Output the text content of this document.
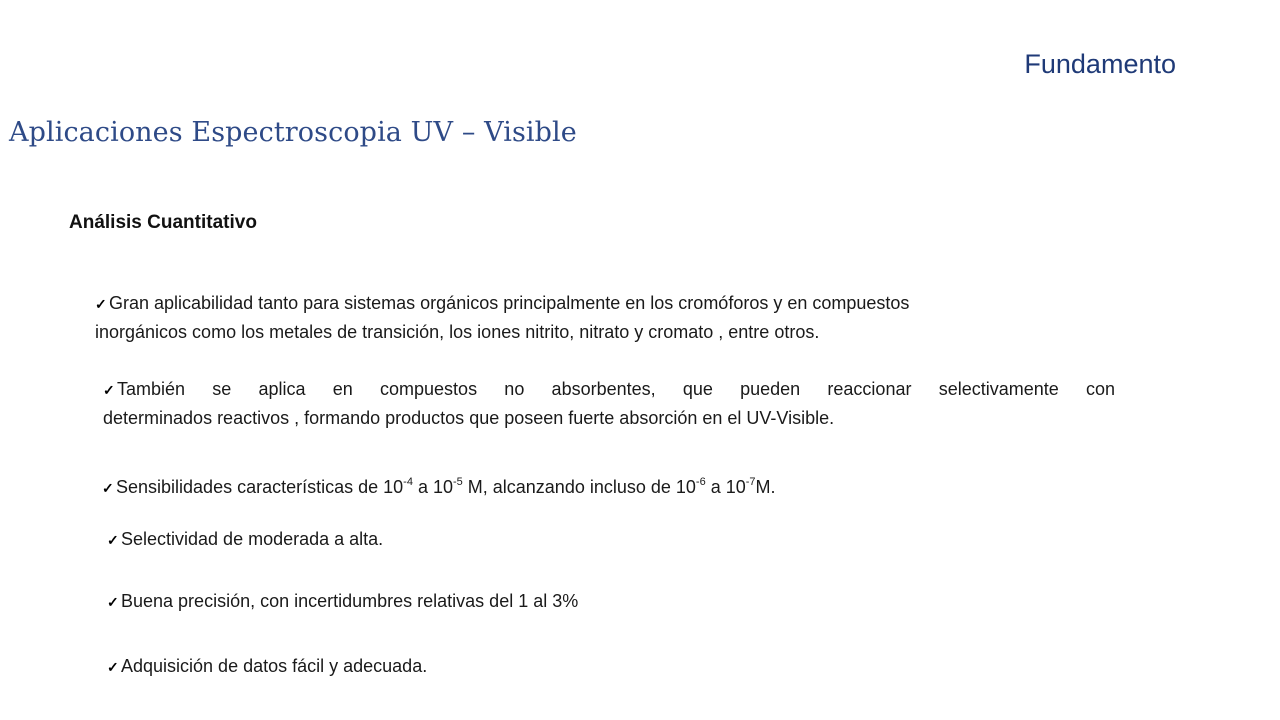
Fundamento
Aplicaciones Espectroscopia UV – Visible
Análisis Cuantitativo
✓ Gran aplicabilidad tanto para sistemas orgánicos principalmente en los cromóforos y en compuestos
inorgánicos como los metales de transición, los iones nitrito, nitrato y cromato , entre otros.
✓ También se aplica en compuestos no absorbentes, que pueden reaccionar selectivamente con
determinados reactivos , formando productos que poseen fuerte absorción en el UV-Visible.
✓ Sensibilidades características de $10^{-4}$ a $10^{-5}$ M, alcanzando incluso de $10^{-6}$ a $10^{-7}M$.
✓ Selectividad de moderada a alta.
✓ Buena precisión, con incertidumbres relativas del 1 al 3%
✓ Adquisición de datos fácil y adecuada.
